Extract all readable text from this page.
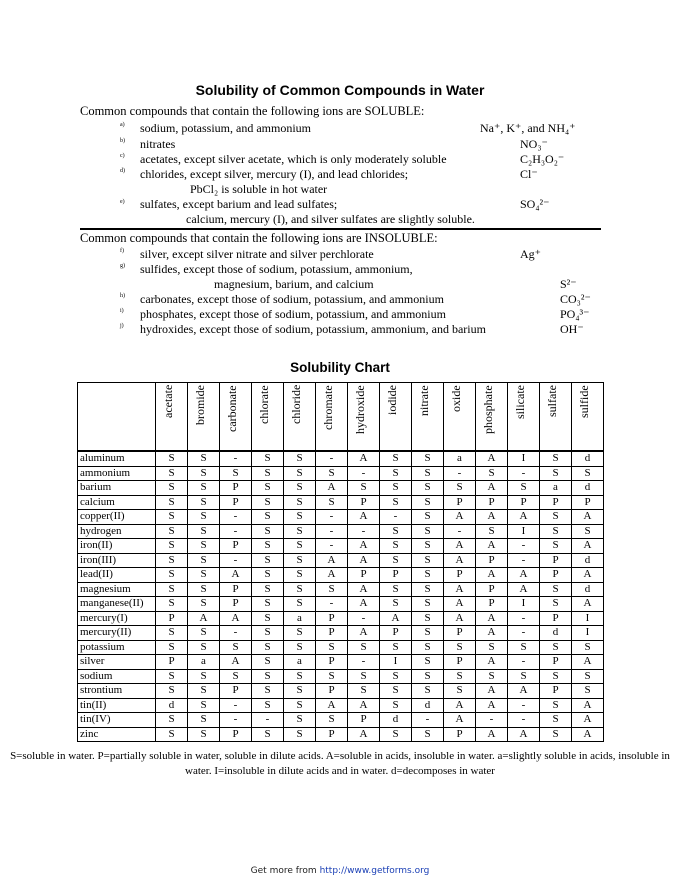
Solubility of Common Compounds in Water
Common compounds that contain the following ions are SOLUBLE:
a) sodium, potassium, and ammonium	Na⁺, K⁺, and NH₄⁺
b) nitrates	NO₃⁻
c) acetates, except silver acetate, which is only moderately soluble	C₂H₃O₂⁻
d) chlorides, except silver, mercury (I), and lead chlorides;	Cl⁻
PbCl₂ is soluble in hot water
e) sulfates, except barium and lead sulfates;	SO₄²⁻
calcium, mercury (I), and silver sulfates are slightly soluble.
Common compounds that contain the following ions are INSOLUBLE:
f) silver, except silver nitrate and silver perchlorate	Ag⁺
g) sulfides, except those of sodium, potassium, ammonium,
magnesium, barium, and calcium	S²⁻
h) carbonates, except those of sodium, potassium, and ammonium	CO₃²⁻
i) phosphates, except those of sodium, potassium, and ammonium	PO₄³⁻
j) hydroxides, except those of sodium, potassium, ammonium, and barium	OH⁻
Solubility Chart

	acetate	bromide	carbonate	chlorate	chloride	chromate	hydroxide	iodide	nitrate	oxide	phosphate	silicate	sulfate	sulfide

aluminum	S	S	-	S	S	-	A	S	S	a	A	I	S	d
ammonium	S	S	S	S	S	S	-	S	S	-	S	-	S	S
barium	S	S	P	S	S	A	S	S	S	S	A	S	a	d
calcium	S	S	P	S	S	S	P	S	S	P	P	P	P	P
copper(II)	S	S	-	S	S	-	A	-	S	A	A	A	S	A
hydrogen	S	S	-	S	S	-	-	S	S	-	S	I	S	S
iron(II)	S	S	P	S	S	-	A	S	S	A	A	-	S	A
iron(III)	S	S	-	S	S	A	A	S	S	A	P	-	P	d
lead(II)	S	S	A	S	S	A	P	P	S	P	A	A	P	A
magnesium	S	S	P	S	S	S	A	S	S	A	P	A	S	d
manganese(II)	S	S	P	S	S	-	A	S	S	A	P	I	S	A
mercury(I)	P	A	A	S	a	P	-	A	S	A	A	-	P	I
mercury(II)	S	S	-	S	S	P	A	P	S	P	A	-	d	I
potassium	S	S	S	S	S	S	S	S	S	S	S	S	S	S
silver	P	a	A	S	a	P	-	I	S	P	A	-	P	A
sodium	S	S	S	S	S	S	S	S	S	S	S	S	S	S
strontium	S	S	P	S	S	P	S	S	S	S	A	A	P	S
tin(II)	d	S	-	S	S	A	A	S	d	A	A	-	S	A
tin(IV)	S	S	-	-	S	S	P	d	-	A	-	-	S	A
zinc	S	S	P	S	S	P	A	S	S	P	A	A	S	A
S=soluble in water. P=partially soluble in water, soluble in dilute acids. A=soluble in acids, insoluble in water. a=slightly soluble in acids, insoluble in water. I=insoluble in dilute acids and in water. d=decomposes in water
Get more from http://www.getforms.org
